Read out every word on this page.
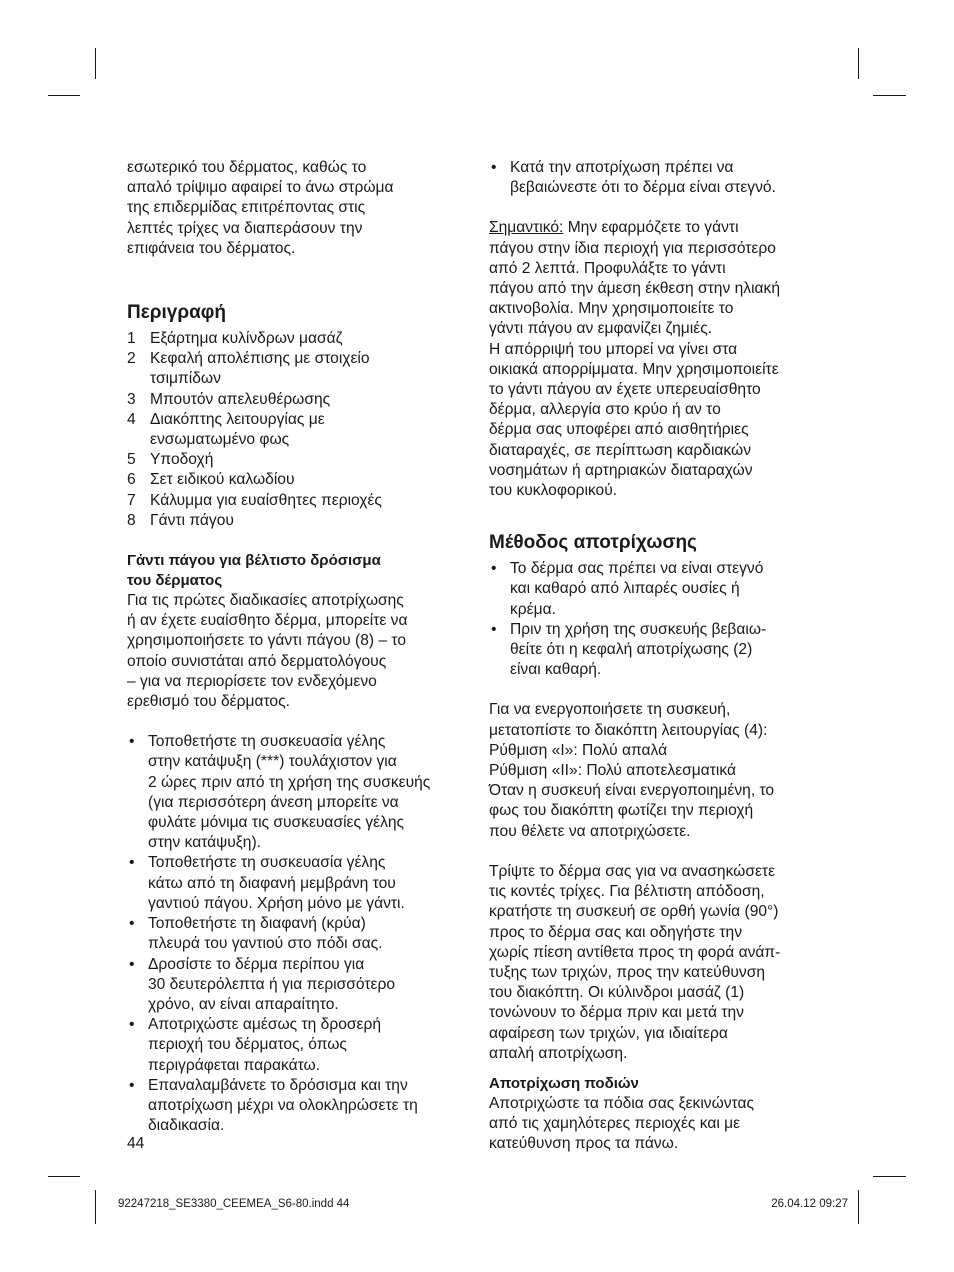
εσωτερικό του δέρματος, καθώς το
απαλό τρίψιμο αφαιρεί το άνω στρώμα
της επιδερμίδας επιτρέποντας στις
λεπτές τρίχες να διαπεράσουν την
επιφάνεια του δέρματος.

Περιγραφή
1 Εξάρτημα κυλίνδρων μασάζ
2 Κεφαλή απολέπισης με στοιχείο
τσιμπίδων
3 Μπουτόν απελευθέρωσης
4 Διακόπτης λειτουργίας με
ενσωματωμένο φως
5 Υποδοχή
6 Σετ ειδικού καλωδίου
7 Κάλυμμα για ευαίσθητες περιοχές
8 Γάντι πάγου

Γάντι πάγου για βέλτιστο δρόσισμα
του δέρματος

Για τις πρώτες διαδικασίες αποτρίχωσης
ή αν έχετε ευαίσθητο δέρμα, μπορείτε να
χρησιμοποιήσετε το γάντι πάγου (8) – το
οποίο συνιστάται από δερματολόγους
– για να περιορίσετε τον ενδεχόμενο
ερεθισμό του δέρματος.

• Τοποθετήστε τη συσκευασία γέλης
στην κατάψυξη (***) τουλάχιστον για
2 ώρες πριν από τη χρήση της συσκευής
(για περισσότερη άνεση μπορείτε να
φυλάτε μόνιμα τις συσκευασίες γέλης
στην κατάψυξη).
• Τοποθετήστε τη συσκευασία γέλης
κάτω από τη διαφανή μεμβράνη του
γαντιού πάγου. Χρήση μόνο με γάντι.
• Τοποθετήστε τη διαφανή (κρύα)
πλευρά του γαντιού στο πόδι σας.
• Δροσίστε το δέρμα περίπου για
30 δευτερόλεπτα ή για περισσότερο
χρόνο, αν είναι απαραίτητο.
• Αποτριχώστε αμέσως τη δροσερή
περιοχή του δέρματος, όπως
περιγράφεται παρακάτω.
• Επαναλαμβάνετε το δρόσισμα και την
αποτρίχωση μέχρι να ολοκληρώσετε τη
διαδικασία.
• Κατά την αποτρίχωση πρέπει να
βεβαιώνεστε ότι το δέρμα είναι στεγνό.

Σημαντικό: Μην εφαρμόζετε το γάντι
πάγου στην ίδια περιοχή για περισσότερο
από 2 λεπτά. Προφυλάξτε το γάντι
πάγου από την άμεση έκθεση στην ηλιακή
ακτινοβολία. Μην χρησιμοποιείτε το
γάντι πάγου αν εμφανίζει ζημιές.
Η απόρριψή του μπορεί να γίνει στα
οικιακά απορρίμματα. Μην χρησιμοποιείτε
το γάντι πάγου αν έχετε υπερευαίσθητο
δέρμα, αλλεργία στο κρύο ή αν το
δέρμα σας υποφέρει από αισθητήριες
διαταραχές, σε περίπτωση καρδιακών
νοσημάτων ή αρτηριακών διαταραχών
του κυκλοφορικού.

Μέθοδος αποτρίχωσης
• Το δέρμα σας πρέπει να είναι στεγνό
και καθαρό από λιπαρές ουσίες ή
κρέμα.
• Πριν τη χρήση της συσκευής βεβαιω-
θείτε ότι η κεφαλή αποτρίχωσης (2)
είναι καθαρή.

Για να ενεργοποιήσετε τη συσκευή,
μετατοπίστε το διακόπτη λειτουργίας (4):
Ρύθμιση «I»: Πολύ απαλά
Ρύθμιση «II»: Πολύ αποτελεσματικά
Όταν η συσκευή είναι ενεργοποιημένη, το
φως του διακόπτη φωτίζει την περιοχή
που θέλετε να αποτριχώσετε.

Τρίψτε το δέρμα σας για να ανασηκώσετε
τις κοντές τρίχες. Για βέλτιστη απόδοση,
κρατήστε τη συσκευή σε ορθή γωνία (90°)
προς το δέρμα σας και οδηγήστε την
χωρίς πίεση αντίθετα προς τη φορά ανάπ-
τυξης των τριχών, προς την κατεύθυνση
του διακόπτη. Οι κύλινδροι μασάζ (1)
τονώνουν το δέρμα πριν και μετά την
αφαίρεση των τριχών, για ιδιαίτερα
απαλή αποτρίχωση.

Αποτρίχωση ποδιών

Αποτριχώστε τα πόδια σας ξεκινώντας
από τις χαμηλότερες περιοχές και με
κατεύθυνση προς τα πάνω.

44
92247218_SE3380_CEEMEA_S6-80.indd 44	26.04.12 09:27
